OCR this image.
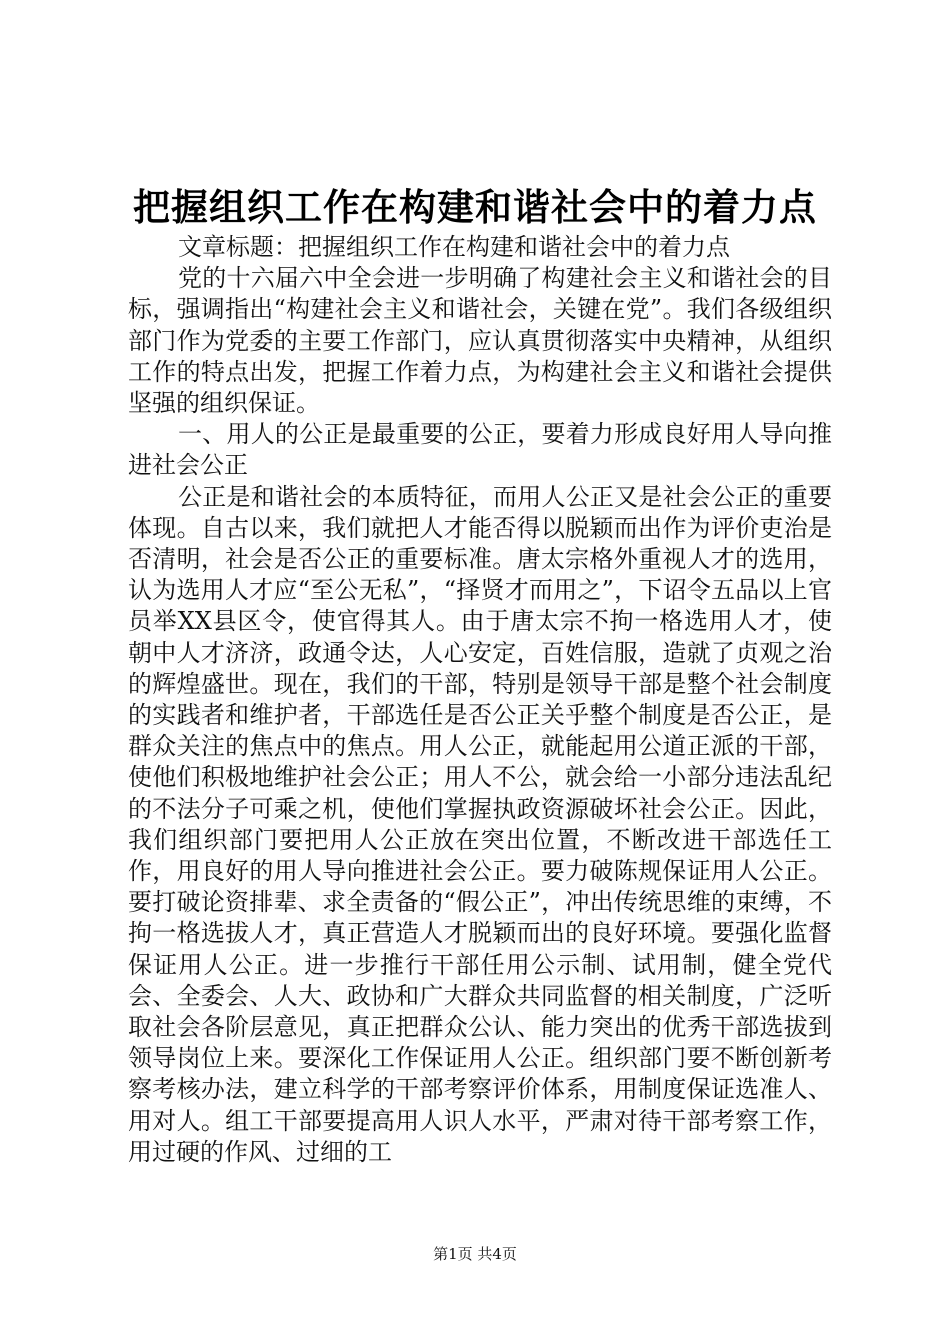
把握组织工作在构建和谐社会中的着力点

文章标题：把握组织工作在构建和谐社会中的着力点

党的十六届六中全会进一步明确了构建社会主义和谐社会的目标，强调指出“构建社会主义和谐社会，关键在党”。我们各级组织部门作为党委的主要工作部门，应认真贯彻落实中央精神，从组织工作的特点出发，把握工作着力点，为构建社会主义和谐社会提供坚强的组织保证。

一、用人的公正是最重要的公正，要着力形成良好用人导向推进社会公正

公正是和谐社会的本质特征，而用人公正又是社会公正的重要体现。自古以来，我们就把人才能否得以脱颖而出作为评价吏治是否清明，社会是否公正的重要标准。唐太宗格外重视人才的选用，认为选用人才应“至公无私”，“择贤才而用之”，下诏令五品以上官员举XX县区令，使官得其人。由于唐太宗不拘一格选用人才，使朝中人才济济，政通令达，人心安定，百姓信服，造就了贞观之治的辉煌盛世。现在，我们的干部，特别是领导干部是整个社会制度的实践者和维护者，干部选任是否公正关乎整个制度是否公正，是群众关注的焦点中的焦点。用人公正，就能起用公道正派的干部，使他们积极地维护社会公正；用人不公，就会给一小部分违法乱纪的不法分子可乘之机，使他们掌握执政资源破坏社会公正。因此，我们组织部门要把用人公正放在突出位置，不断改进干部选任工作，用良好的用人导向推进社会公正。要力破陈规保证用人公正。要打破论资排辈、求全责备的“假公正”，冲出传统思维的束缚，不拘一格选拔人才，真正营造人才脱颖而出的良好环境。要强化监督保证用人公正。进一步推行干部任用公示制、试用制，健全党代会、全委会、人大、政协和广大群众共同监督的相关制度，广泛听取社会各阶层意见，真正把群众公认、能力突出的优秀干部选拔到领导岗位上来。要深化工作保证用人公正。组织部门要不断创新考察考核办法，建立科学的干部考察评价体系，用制度保证选准人、用对人。组工干部要提高用人识人水平，严肃对待干部考察工作，用过硬的作风、过细的工

第1页 共4页
